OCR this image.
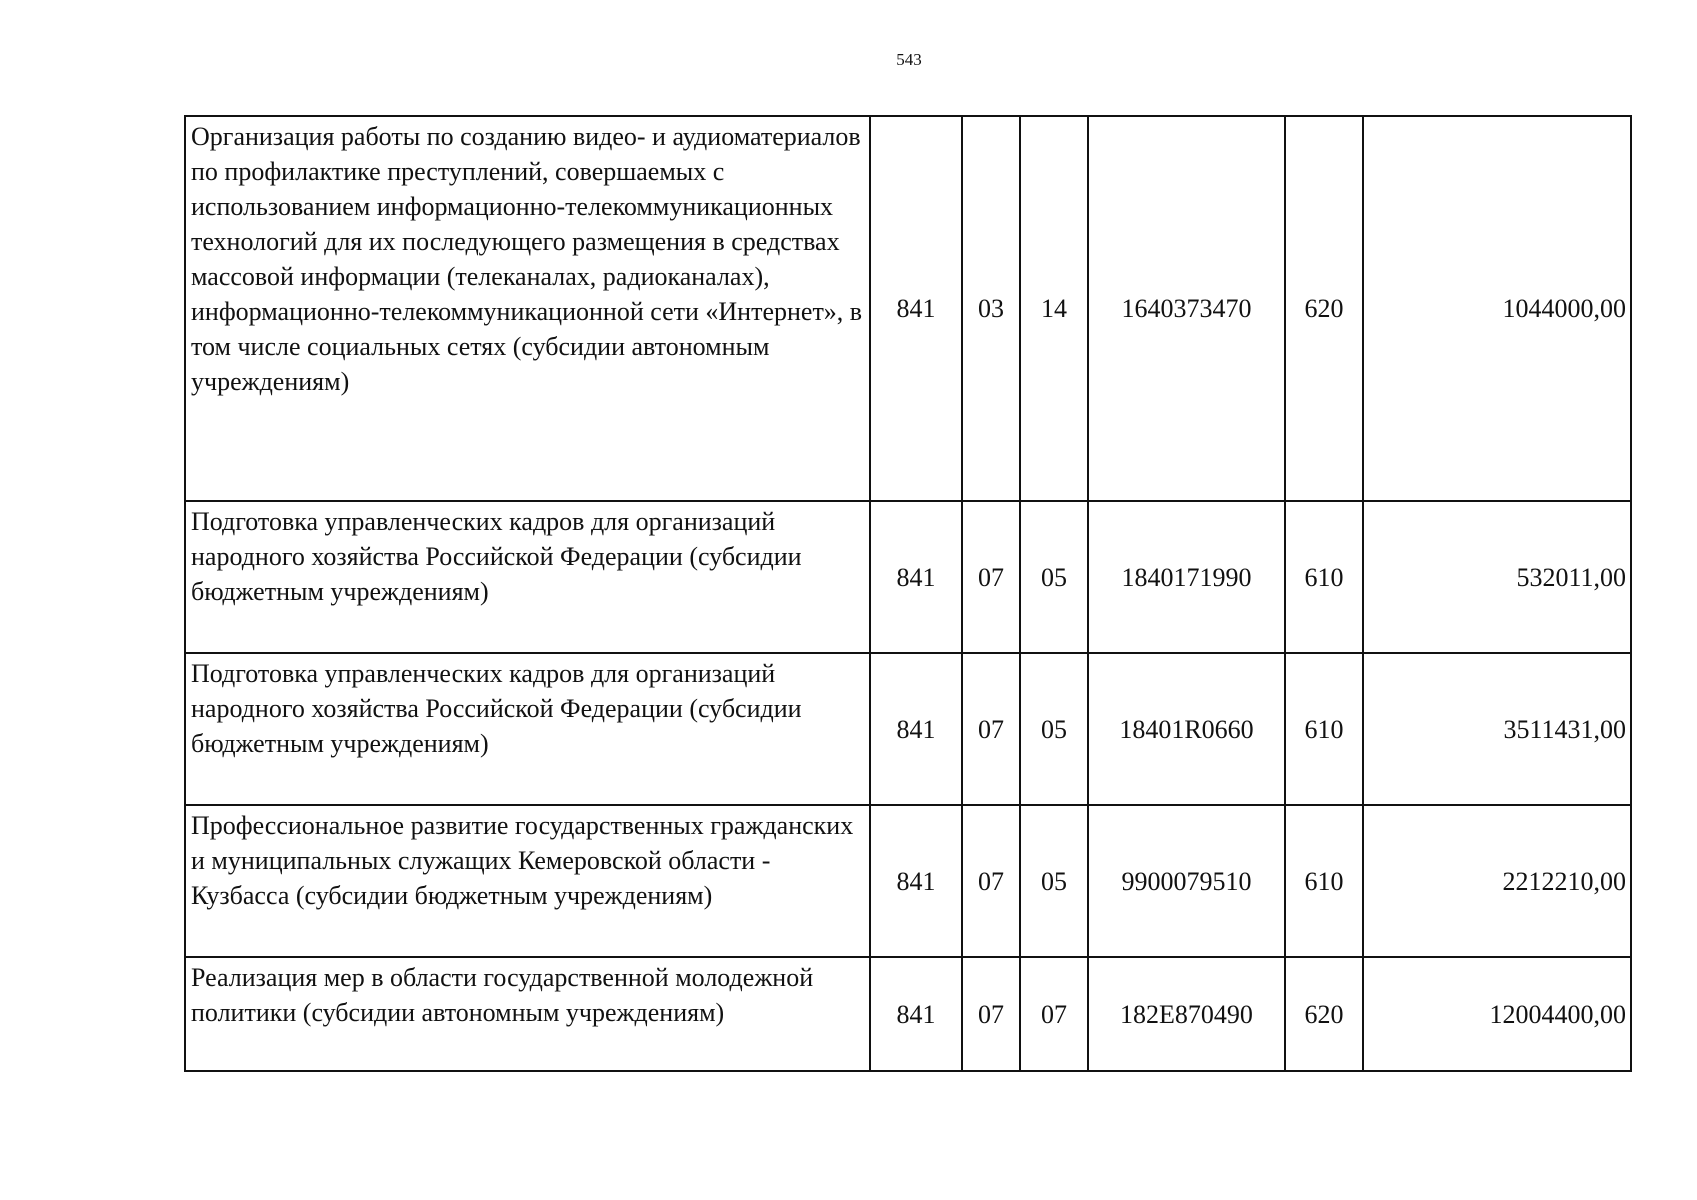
543
Организация работы по созданию видео- и аудиоматериалов по профилактике преступлений, совершаемых с использованием информационно-телекоммуникационных технологий для их последующего размещения в средствах массовой информации (телеканалах, радиоканалах), информационно-телекоммуникационной сети «Интернет», в том числе социальных сетях (субсидии автономным учреждениям)	841	03	14	1640373470	620	1044000,00
Подготовка управленческих кадров для организаций народного хозяйства Российской Федерации (субсидии бюджетным учреждениям)	841	07	05	1840171990	610	532011,00
Подготовка управленческих кадров для организаций народного хозяйства Российской Федерации (субсидии бюджетным учреждениям)	841	07	05	18401R0660	610	3511431,00
Профессиональное развитие государственных гражданских и муниципальных служащих Кемеровской области - Кузбасса (субсидии бюджетным учреждениям)	841	07	05	9900079510	610	2212210,00
Реализация мер в области государственной молодежной политики (субсидии автономным учреждениям)	841	07	07	182Е870490	620	12004400,00
